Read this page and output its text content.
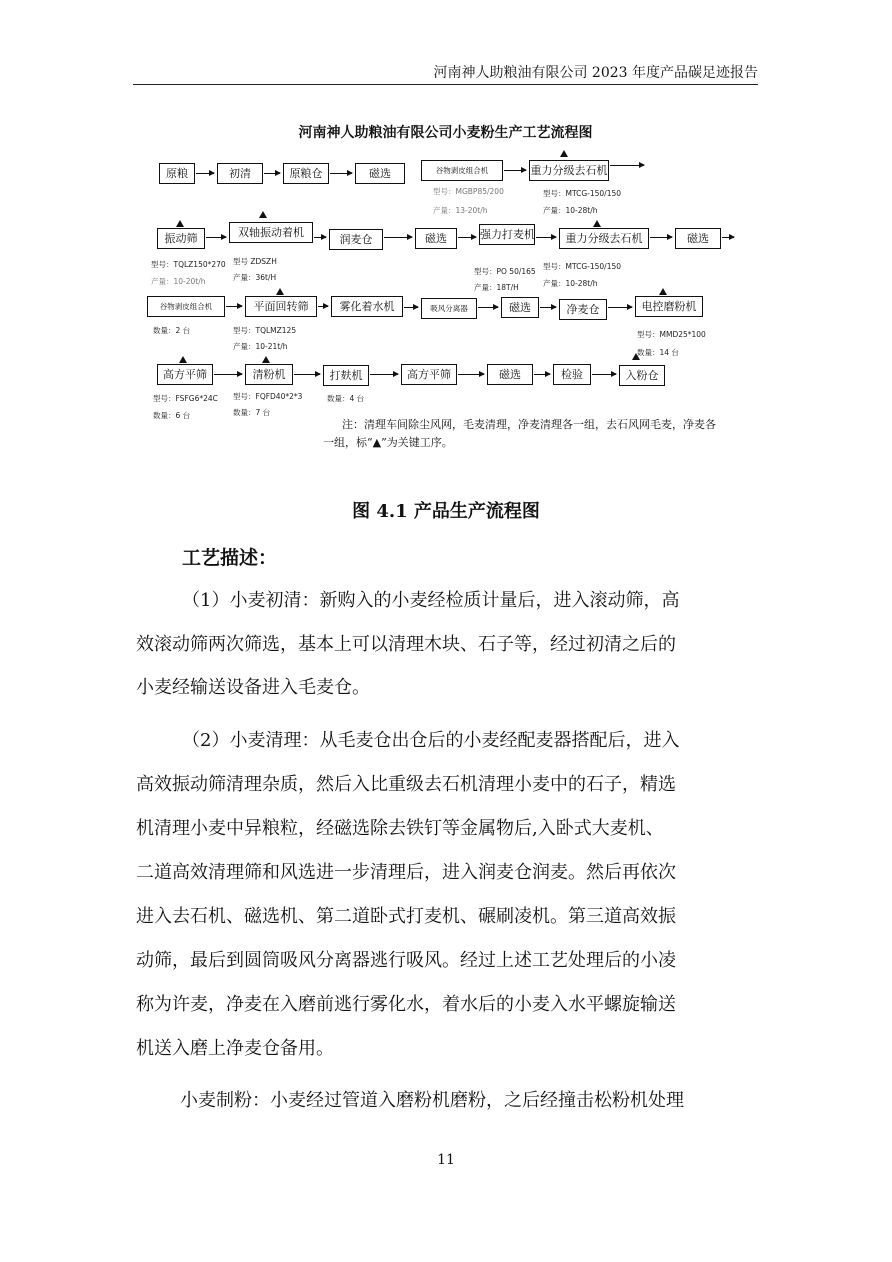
河南神人助粮油有限公司 2023 年度产品碳足迹报告
河南神人助粮油有限公司小麦粉生产工艺流程图
原粮	初清	原粮仓	磁选	谷物剥皮组合机	重力分级去石机
型号：MGBP85/200
产量：13-20t/h
型号：MTCG-150/150
产量：10-28t/h
振动筛	双轴振动着机
润麦仓	磁选	强力打麦机	重力分级去石机	磁选
型号：TQLZ150*270
产量：10-20t/h
型号 ZDSZH
产量：36t/H
型号：PO 50/165
产量：18T/H
型号：MTCG-150/150
产量：10-28t/h
谷物剥皮组合机	平面回转筛	雾化着水机	吸风分离器	磁选	净麦仓	电控磨粉机
数量：2 台	型号：TQLMZ125
产量：10-21t/h
型号：MMD25*100
数量：14 台
高方平筛	清粉机	打麸机	高方平筛	磁选	检验	入粉仓
型号：FSFG6*24C
数量：6 台
型号：FQFD40*2*3
数量：7 台
数量：4 台
注：清理车间除尘风网，毛麦清理，净麦清理各一组，去石风网毛麦，净麦各
一组，标“▲”为关键工序。
图 4.1 产品生产流程图
工艺描述：
（1）小麦初清：新购入的小麦经检质计量后，进入滚动筛，高
效滚动筛两次筛选，基本上可以清理木块、石子等，经过初清之后的
小麦经输送设备进入毛麦仓。
（2）小麦清理：从毛麦仓出仓后的小麦经配麦器搭配后，进入
高效振动筛清理杂质，然后入比重级去石机清理小麦中的石子，精选
机清理小麦中异粮粒，经磁选除去铁钉等金属物后,入卧式大麦机、
二道高效清理筛和风选进一步清理后，进入润麦仓润麦。然后再依次
进入去石机、磁选机、第二道卧式打麦机、碾刷凌机。第三道高效振
动筛，最后到圆筒吸风分离器逃行吸风。经过上述工艺处理后的小凌
称为许麦，净麦在入磨前逃行雾化水，着水后的小麦入水平螺旋输送
机送入磨上净麦仓备用。
小麦制粉：小麦经过管道入磨粉机磨粉，之后经撞击松粉机处理
11
